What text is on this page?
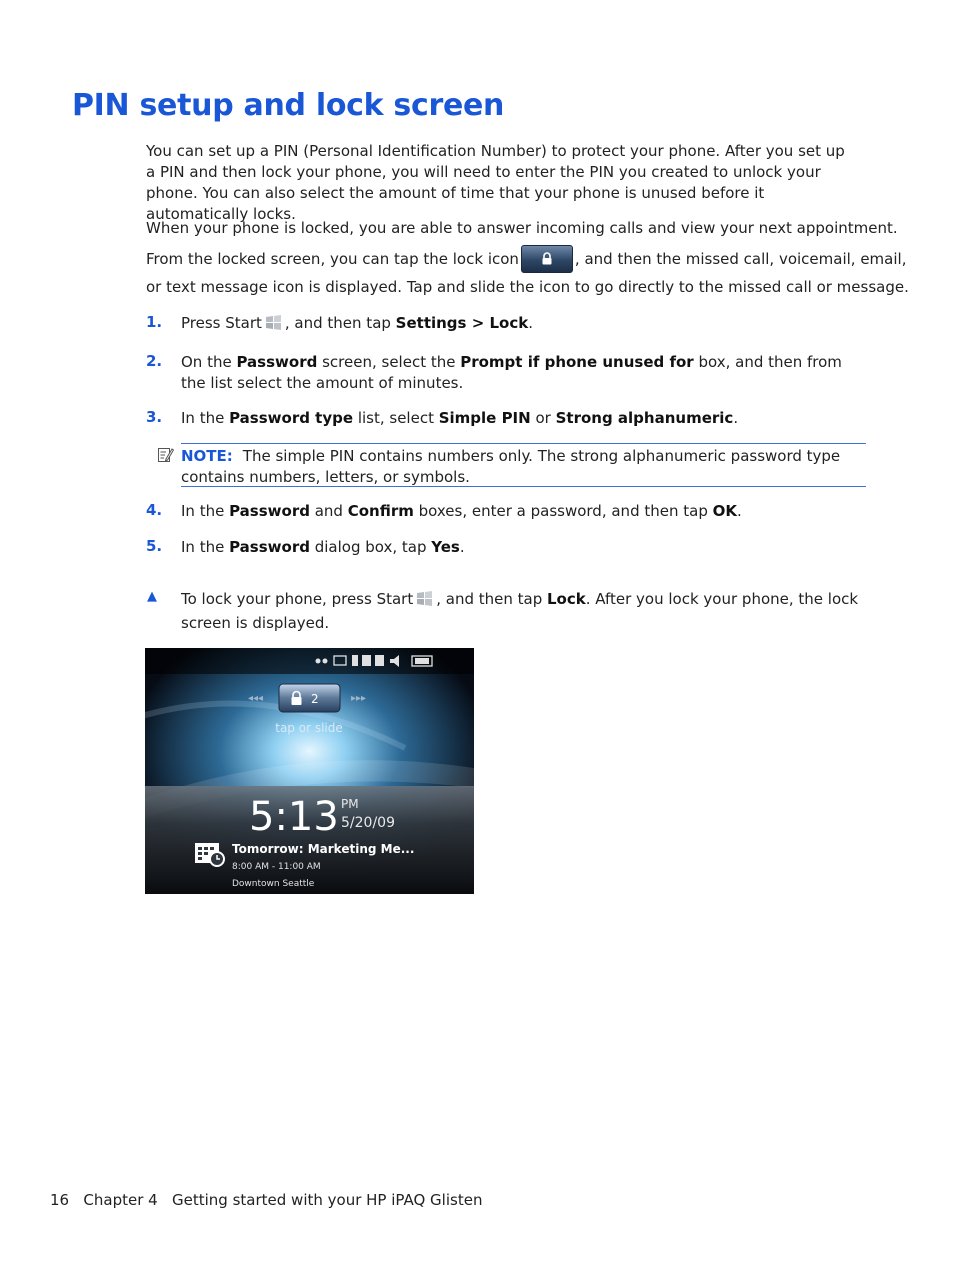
PIN setup and lock screen
You can set up a PIN (Personal Identification Number) to protect your phone. After you set up a PIN and then lock your phone, you will need to enter the PIN you created to unlock your phone. You can also select the amount of time that your phone is unused before it automatically locks.
When your phone is locked, you are able to answer incoming calls and view your next appointment.
From the locked screen, you can tap the lock icon	, and then the missed call, voicemail, email,
or text message icon is displayed. Tap and slide the icon to go directly to the missed call or message.
1. Press Start , and then tap Settings > Lock.
2. On the Password screen, select the Prompt if phone unused for box, and then from the list select the amount of minutes.
3. In the Password type list, select Simple PIN or Strong alphanumeric.
NOTE: The simple PIN contains numbers only. The strong alphanumeric password type contains numbers, letters, or symbols.
4. In the Password and Confirm boxes, enter a password, and then tap OK.
5. In the Password dialog box, tap Yes.
▲ To lock your phone, press Start , and then tap Lock. After you lock your phone, the lock screen is displayed.
◂◂◂	▸▸▸
2
tap or slide
5:13 PM
5/20/09
Tomorrow: Marketing Me...
8:00 AM - 11:00 AM
Downtown Seattle
16 Chapter 4 Getting started with your HP iPAQ Glisten
